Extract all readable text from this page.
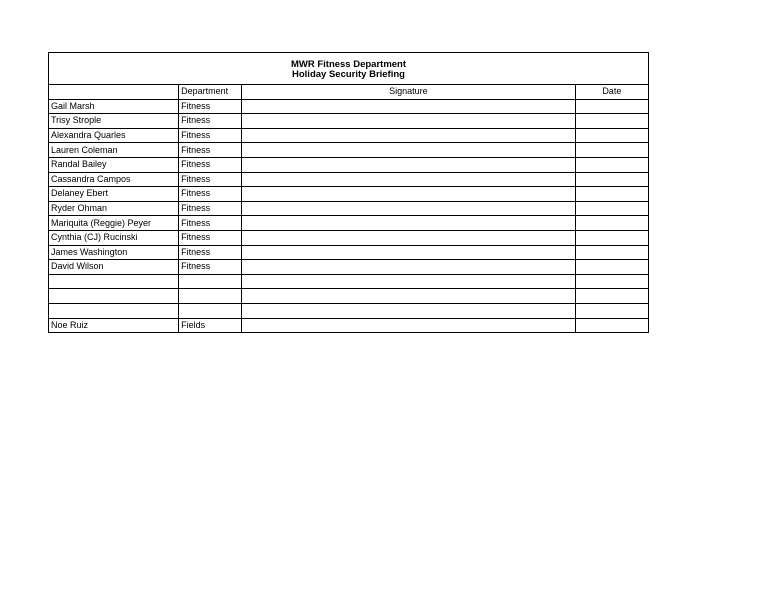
MWR Fitness Department
Holiday Security Briefing			

	Department	Signature	Date
Gail Marsh	Fitness		
Trisy Strople	Fitness		
Alexandra Quarles	Fitness		
Lauren Coleman	Fitness		
Randal Bailey	Fitness		
Cassandra Campos	Fitness		
Delaney Ebert	Fitness		
Ryder Ohman	Fitness		
Mariquita (Reggie) Peyer	Fitness		
Cynthia (CJ) Rucinski	Fitness		
James Washington	Fitness		
David Wilson	Fitness		

Noe Ruiz	Fields		
